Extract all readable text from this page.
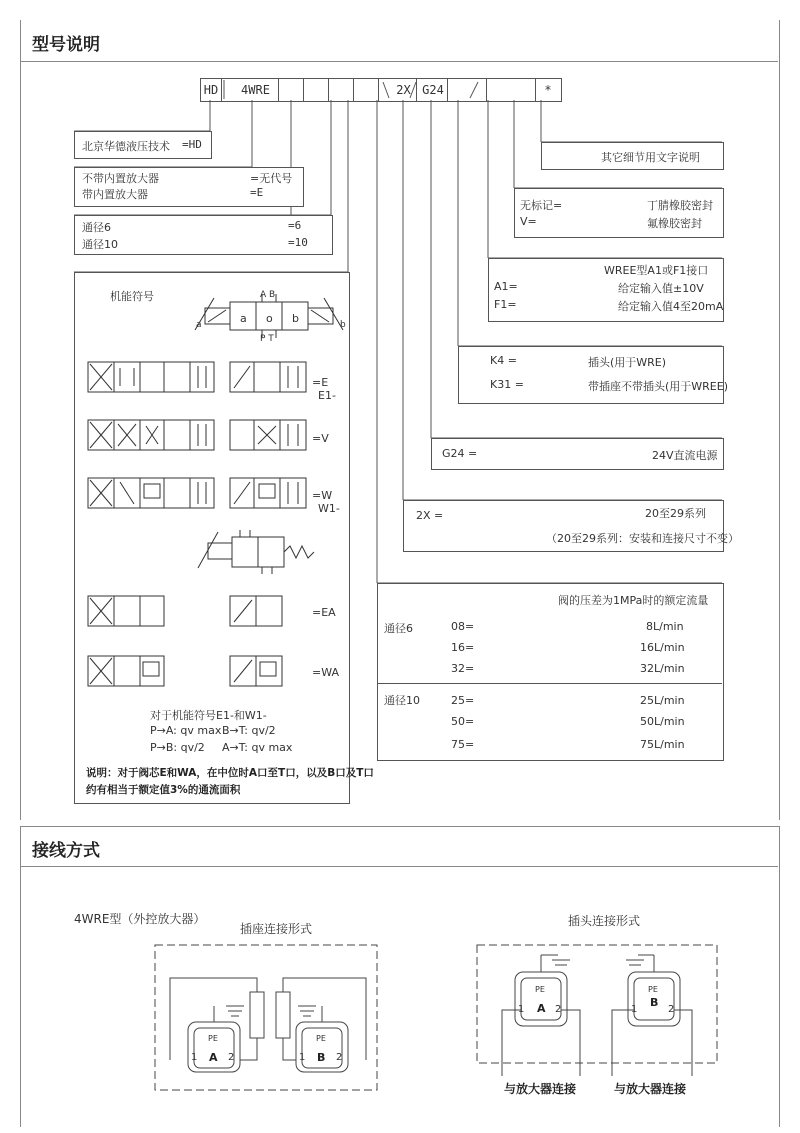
型号说明
HD	4WRE	2X G24	*
北京华德液压技术 =HD
不带内置放大器	=无代号
带内置放大器	=E
通径6	=6
通径10	=10
机能符号	A B
P T
a	b
a o b
=E
E1-
=V
=W
W1-
=EA
=WA
对于机能符号E1-和W1-
P→A: qv max B→T: qv/2
P→B: qv/2 A→T: qv max
说明：对于阀芯E和WA，在中位时A口至T口，以及B口及T口
约有相当于额定值3%的通流面积
其它细节用文字说明
无标记=	丁腈橡胶密封
V=	氟橡胶密封
WREE型A1或F1接口
A1=	给定输入值±10V
F1=	给定输入值4至20mA
K4 =	插头(用于WRE)
K31 =	带插座不带插头(用于WREE)
G24 =	24V直流电源
2X =	20至29系列
（20至29系列：安装和连接尺寸不变）
阀的压差为1MPa时的额定流量
通径6
通径10
08=	8L/min
16=	16L/min
32=	32L/min
25=	25L/min
50=	50L/min
75=	75L/min
接线方式
4WRE型（外控放大器）
插座连接形式
插头连接形式
PE
A
1	2
PE
B
1	2
PE
A
1	2
PE
B
1	2
与放大器连接	与放大器连接
